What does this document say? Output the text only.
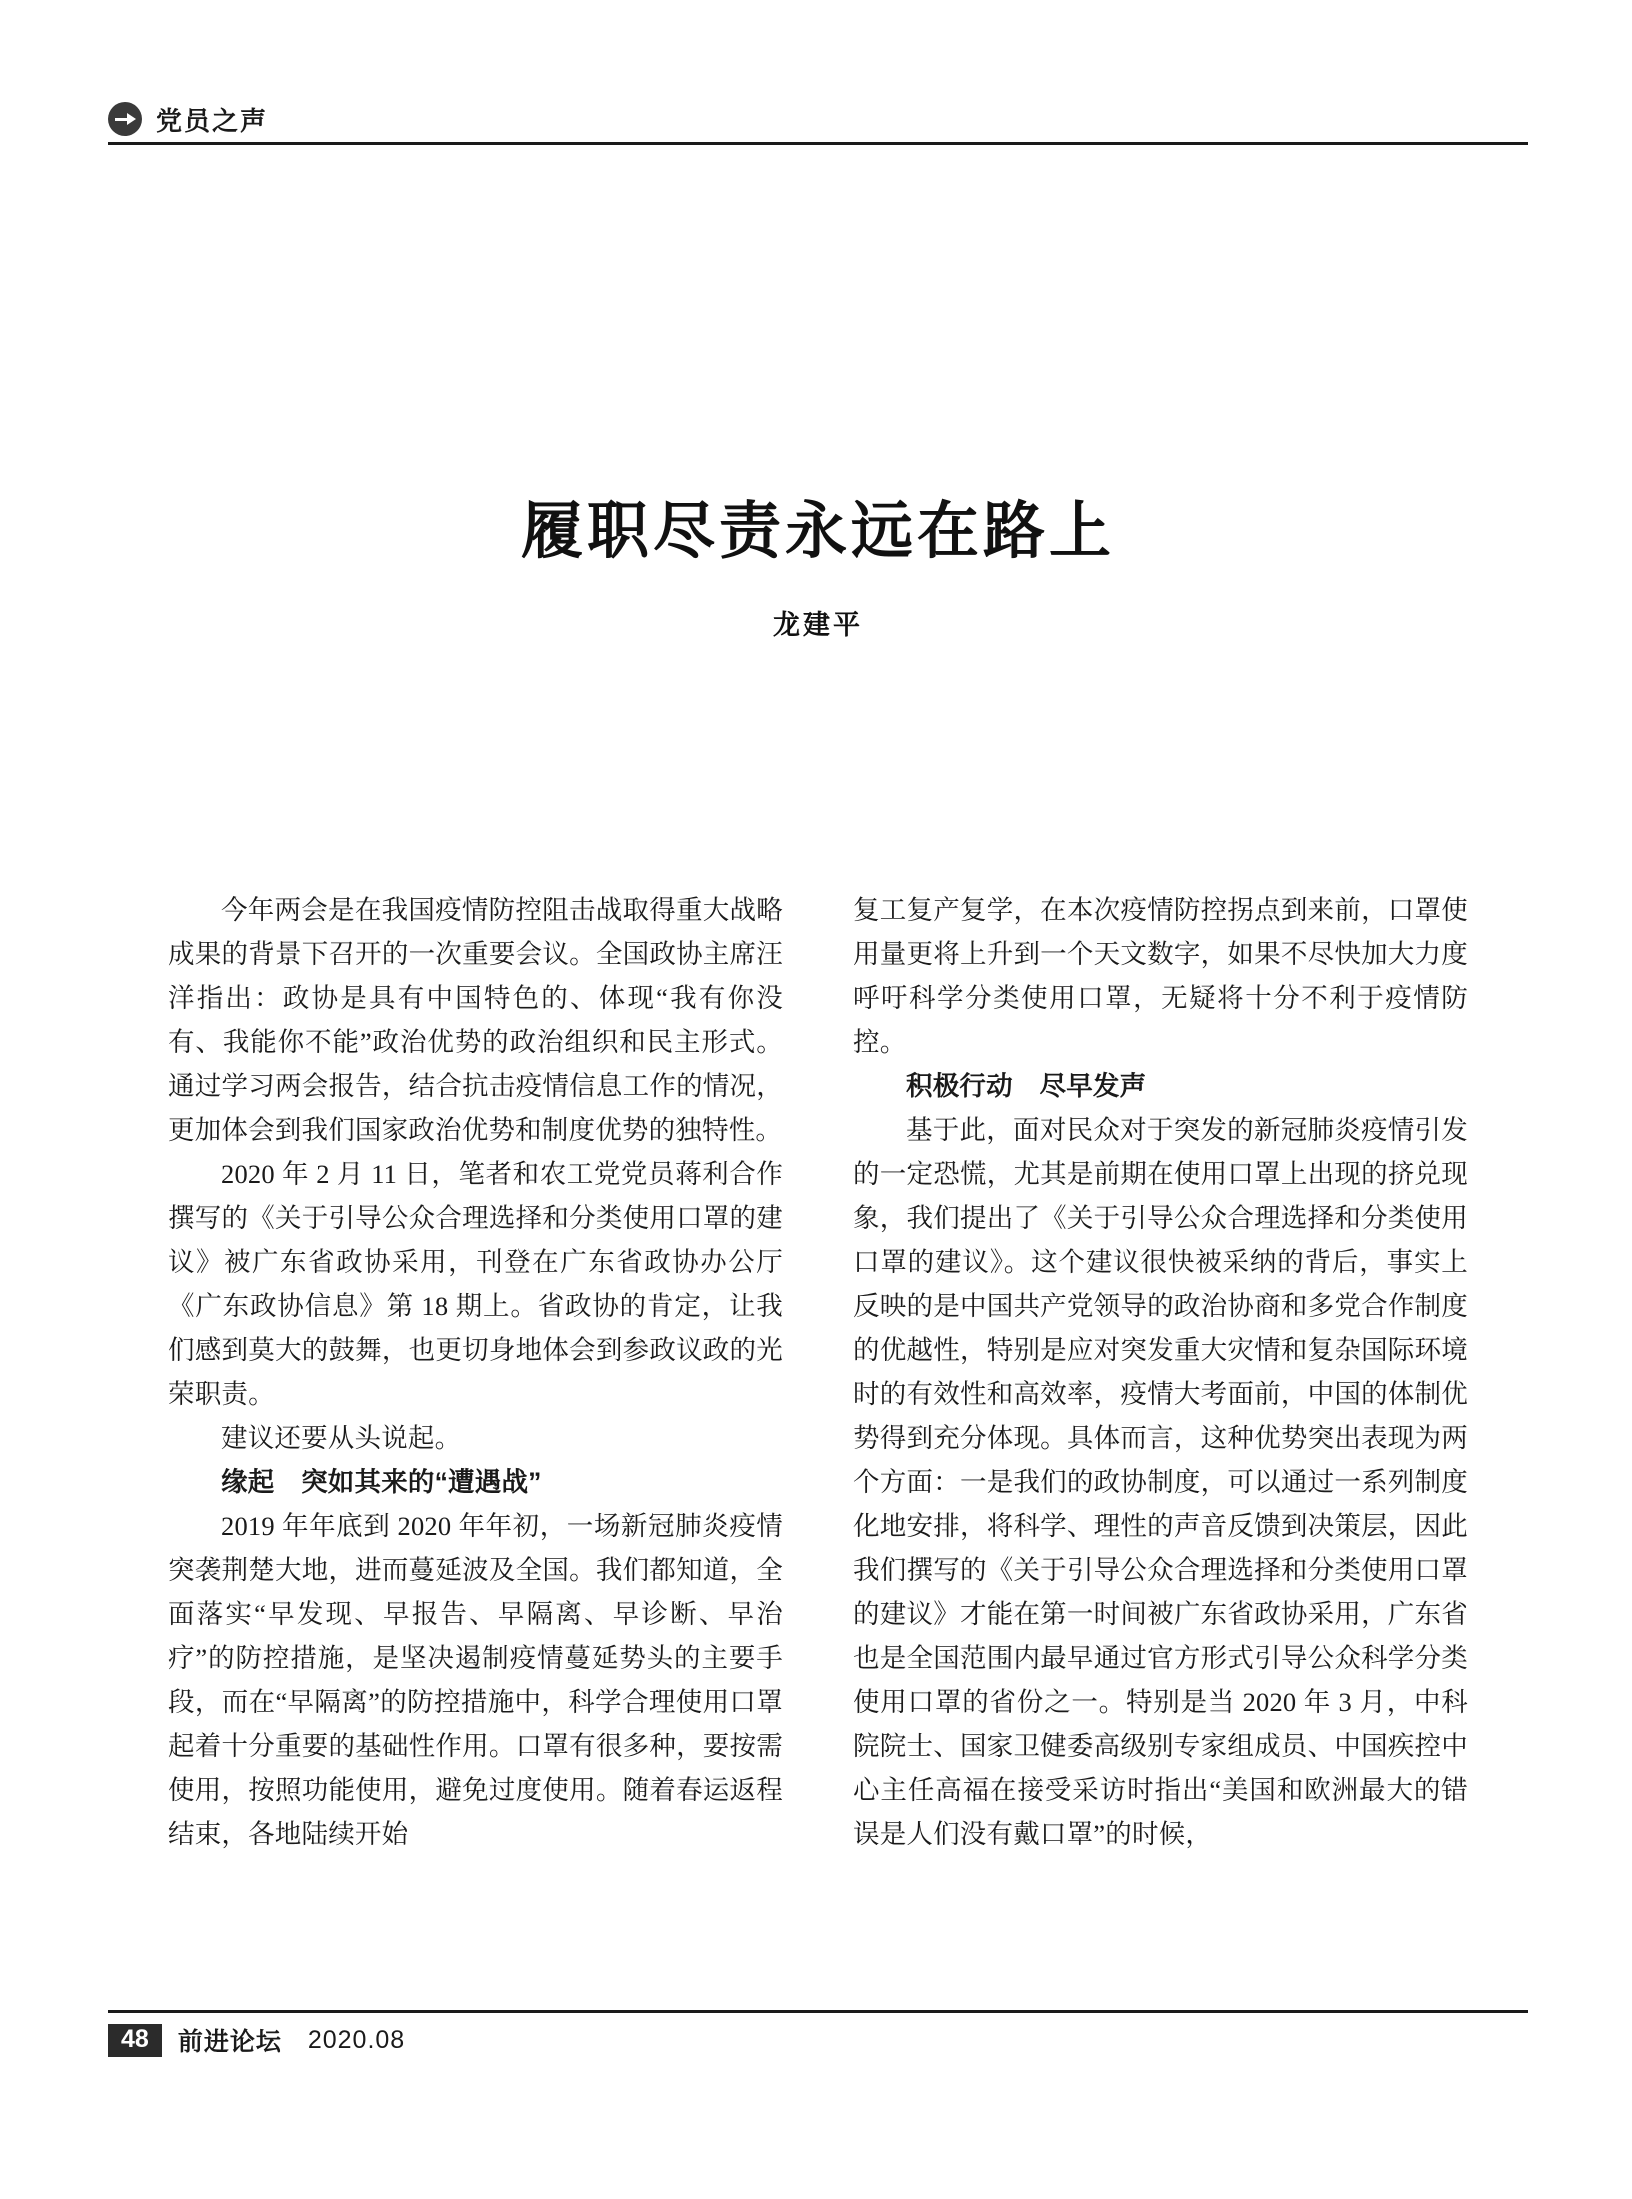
党员之声
履职尽责永远在路上
龙建平

今年两会是在我国疫情防控阻击战取得重大战略成果的背景下召开的一次重要会议。全国政协主席汪洋指出：政协是具有中国特色的、体现“我有你没有、我能你不能”政治优势的政治组织和民主形式。通过学习两会报告，结合抗击疫情信息工作的情况，更加体会到我们国家政治优势和制度优势的独特性。

2020 年 2 月 11 日，笔者和农工党党员蒋利合作撰写的《关于引导公众合理选择和分类使用口罩的建议》被广东省政协采用，刊登在广东省政协办公厅《广东政协信息》第 18 期上。省政协的肯定，让我们感到莫大的鼓舞，也更切身地体会到参政议政的光荣职责。

建议还要从头说起。

缘起　突如其来的“遭遇战”

2019 年年底到 2020 年年初，一场新冠肺炎疫情突袭荆楚大地，进而蔓延波及全国。我们都知道，全面落实“早发现、早报告、早隔离、早诊断、早治疗”的防控措施，是坚决遏制疫情蔓延势头的主要手段，而在“早隔离”的防控措施中，科学合理使用口罩起着十分重要的基础性作用。口罩有很多种，要按需使用，按照功能使用，避免过度使用。随着春运返程结束，各地陆续开始

复工复产复学，在本次疫情防控拐点到来前，口罩使用量更将上升到一个天文数字，如果不尽快加大力度呼吁科学分类使用口罩，无疑将十分不利于疫情防控。

积极行动　尽早发声

基于此，面对民众对于突发的新冠肺炎疫情引发的一定恐慌，尤其是前期在使用口罩上出现的挤兑现象，我们提出了《关于引导公众合理选择和分类使用口罩的建议》。这个建议很快被采纳的背后，事实上反映的是中国共产党领导的政治协商和多党合作制度的优越性，特别是应对突发重大灾情和复杂国际环境时的有效性和高效率，疫情大考面前，中国的体制优势得到充分体现。具体而言，这种优势突出表现为两个方面：一是我们的政协制度，可以通过一系列制度化地安排，将科学、理性的声音反馈到决策层，因此我们撰写的《关于引导公众合理选择和分类使用口罩的建议》才能在第一时间被广东省政协采用，广东省也是全国范围内最早通过官方形式引导公众科学分类使用口罩的省份之一。特别是当 2020 年 3 月，中科院院士、国家卫健委高级别专家组成员、中国疾控中心主任高福在接受采访时指出“美国和欧洲最大的错误是人们没有戴口罩”的时候，

48	前进论坛 2020.08
